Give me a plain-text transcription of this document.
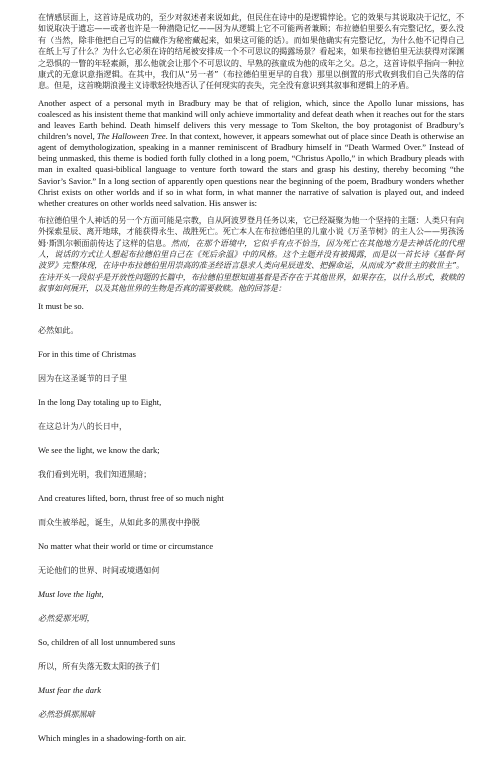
在情感层面上，这首诗是成功的，至少对叙述者来说如此，但民住在诗中的是逻辑悖论。它的效果与其说取决于记忆，不如说取决于遗忘——或者也许是一种潜隐记忆——因为从逻辑上它不可能两者兼顾；布拉德伯里要么有完整记忆，要么没有（当然，除非他把自己写的信藏作为秘密藏起来，如果这可能的话）。而如果他确实有完整记忆，为什么他不记得自己在纸上写了什么？为什么它必须在诗的结尾被安排成一个不可思议的揭露场景？看起来，如果布拉德伯里无法获得对深渊之恐惧的一瞥的年轻素颜，那么他就会让那个不可思议的、早熟的孩童成为他的成年之父。总之，这首诗似乎指向一种拉康式的无意识意指逻辑。在其中，我们从“另一者”（布拉德伯里更早的自我）那里以倒置的形式收到我们自己失落的信息。但是，这首晚期浪漫主义诗歌轻快地否认了任何现实的丧失，完全没有意识到其叙事和逻辑上的矛盾。

Another aspect of a personal myth in Bradbury may be that of religion, which, since the Apollo lunar missions, has coalesced as his insistent theme that mankind will only achieve immortality and defeat death when it reaches out for the stars and leaves Earth behind. Death himself delivers this very message to Tom Skelton, the boy protagonist of Bradbury’s children’s novel, The Halloween Tree. In that context, however, it appears somewhat out of place since Death is otherwise an agent of demythologization, speaking in a manner reminiscent of Bradbury himself in “Death Warmed Over.” Instead of being unmasked, this theme is bodied forth fully clothed in a long poem, “Christus Apollo,” in which Bradbury pleads with man in exalted quasi-biblical language to venture forth toward the stars and grasp his destiny, thereby becoming “the Savior’s Savior.” In a long section of apparently open questions near the beginning of the poem, Bradbury wonders whether Christ exists on other worlds and if so in what form, in what manner the narrative of salvation is played out, and indeed whether creatures on other worlds need salvation. His answer is:

布拉德伯里个人神话的另一个方面可能是宗教，自从阿波罗登月任务以来，它已经凝聚为他一个坚持的主题：人类只有向外探索星辰、离开地球，才能获得永生、战胜死亡。死亡本人在布拉德伯里的儿童小说《万圣节树》的主人公——男孩汤姆·斯凯尔顿面前传达了这样的信息。然而，在那个语境中，它似乎有点不恰当，因为死亡在其他地方是去神话化的代理人，说话的方式让人想起布拉德伯里自己在《死后余温》中的风格。这个主题并没有被揭露，而是以一首长诗《基督·阿波罗》完整体现，在诗中布拉德伯里用崇高的准圣经语言恳求人类向星辰进发、把握命运，从而成为“救世主的救世主”。在诗开头一段似乎是开放性问题的长篇中，布拉德伯里想知道基督是否存在于其他世界，如果存在，以什么形式，救赎的叙事如何展开，以及其他世界的生物是否真的需要救赎。他的回答是：

It must be so.

必然如此。

For in this time of Christmas

因为在这圣诞节的日子里

In the long Day totaling up to Eight,

在这总计为八的长日中，

We see the light, we know the dark;

我们看到光明，我们知道黑暗；

And creatures lifted, born, thrust free of so much night

而众生被举起，诞生，从如此多的黑夜中挣脱

No matter what their world or time or circumstance

无论他们的世界、时间或境遇如何

Must love the light,

必然爱那光明，

So, children of all lost unnumbered suns

所以，所有失落无数太阳的孩子们

Must fear the dark

必然恐惧那黑暗

Which mingles in a shadowing-forth on air.
